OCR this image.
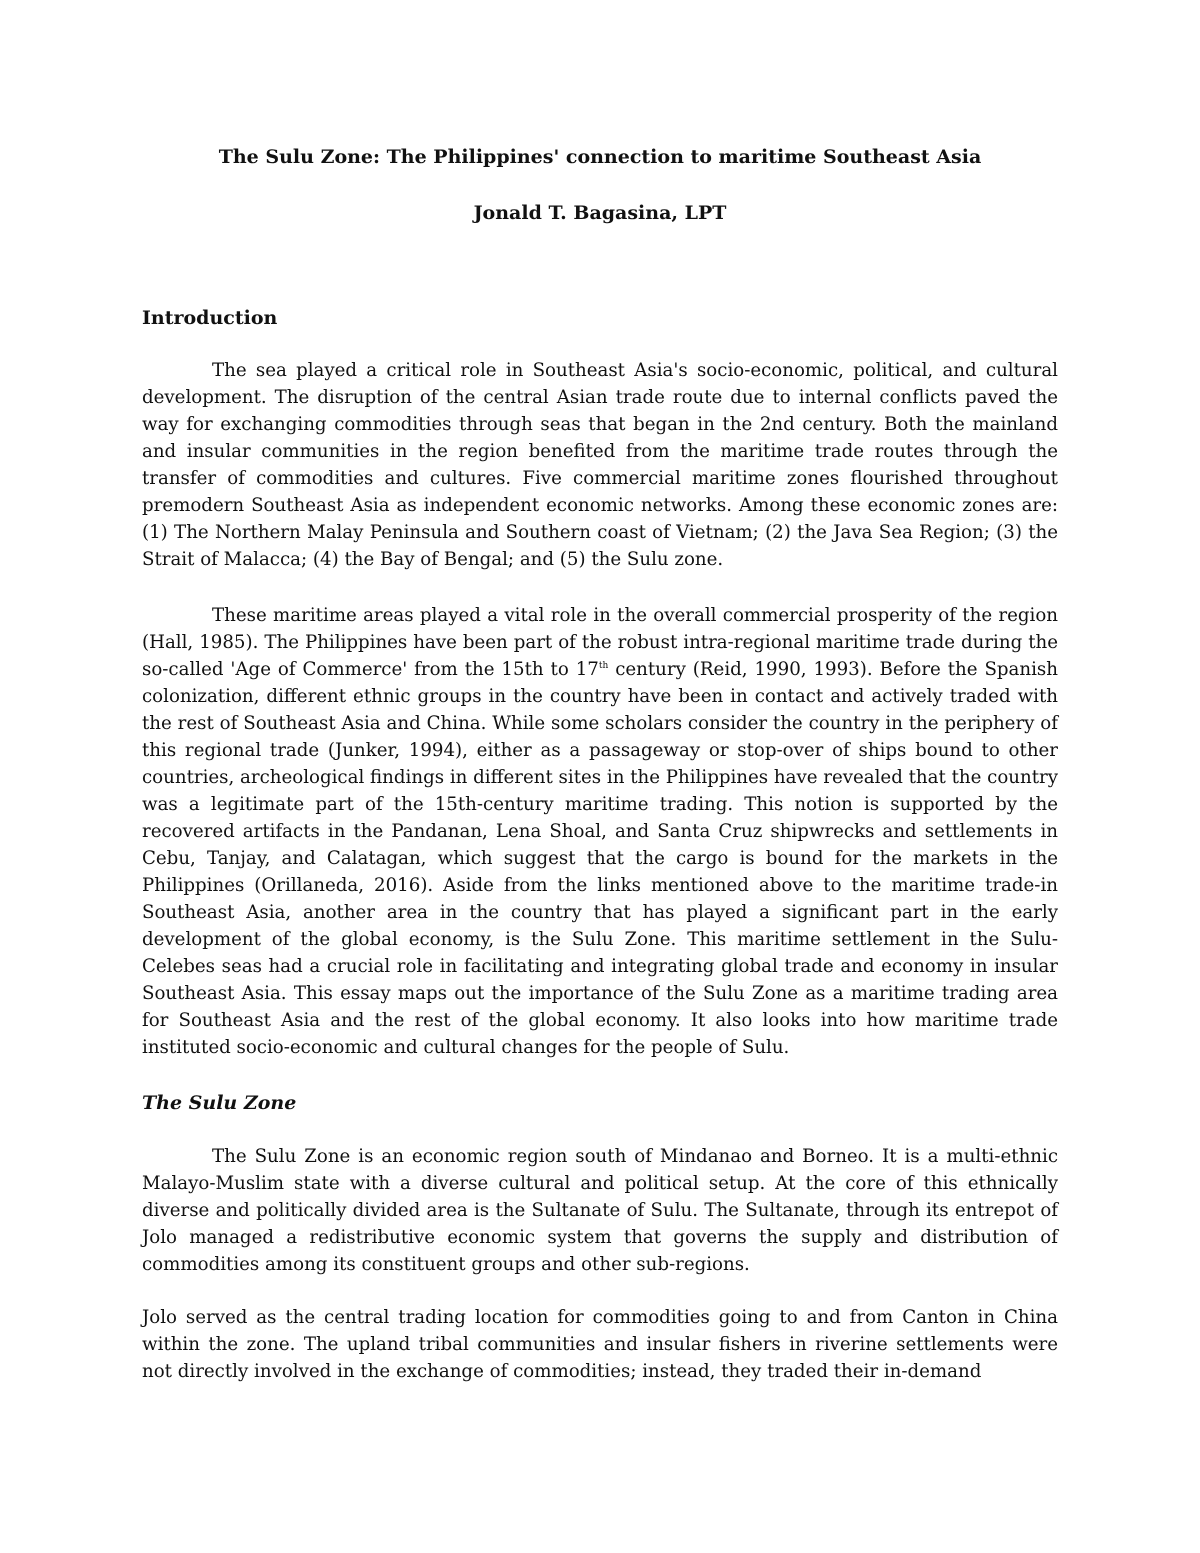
The Sulu Zone: The Philippines' connection to maritime Southeast Asia

Jonald T. Bagasina, LPT

Introduction

The sea played a critical role in Southeast Asia's socio-economic, political, and cultural development. The disruption of the central Asian trade route due to internal conflicts paved the way for exchanging commodities through seas that began in the 2nd century. Both the mainland and insular communities in the region benefited from the maritime trade routes through the transfer of commodities and cultures. Five commercial maritime zones flourished throughout premodern Southeast Asia as independent economic networks. Among these economic zones are: (1) The Northern Malay Peninsula and Southern coast of Vietnam; (2) the Java Sea Region; (3) the Strait of Malacca; (4) the Bay of Bengal; and (5) the Sulu zone.

These maritime areas played a vital role in the overall commercial prosperity of the region (Hall, 1985). The Philippines have been part of the robust intra-regional maritime trade during the so-called 'Age of Commerce' from the 15th to 17th century (Reid, 1990, 1993). Before the Spanish colonization, different ethnic groups in the country have been in contact and actively traded with the rest of Southeast Asia and China. While some scholars consider the country in the periphery of this regional trade (Junker, 1994), either as a passageway or stop-over of ships bound to other countries, archeological findings in different sites in the Philippines have revealed that the country was a legitimate part of the 15th-century maritime trading. This notion is supported by the recovered artifacts in the Pandanan, Lena Shoal, and Santa Cruz shipwrecks and settlements in Cebu, Tanjay, and Calatagan, which suggest that the cargo is bound for the markets in the Philippines (Orillaneda, 2016). Aside from the links mentioned above to the maritime trade-in Southeast Asia, another area in the country that has played a significant part in the early development of the global economy, is the Sulu Zone. This maritime settlement in the Sulu-Celebes seas had a crucial role in facilitating and integrating global trade and economy in insular Southeast Asia. This essay maps out the importance of the Sulu Zone as a maritime trading area for Southeast Asia and the rest of the global economy. It also looks into how maritime trade instituted socio-economic and cultural changes for the people of Sulu.

The Sulu Zone

The Sulu Zone is an economic region south of Mindanao and Borneo. It is a multi-ethnic Malayo-Muslim state with a diverse cultural and political setup. At the core of this ethnically diverse and politically divided area is the Sultanate of Sulu. The Sultanate, through its entrepot of Jolo managed a redistributive economic system that governs the supply and distribution of commodities among its constituent groups and other sub-regions.

Jolo served as the central trading location for commodities going to and from Canton in China within the zone. The upland tribal communities and insular fishers in riverine settlements were not directly involved in the exchange of commodities; instead, they traded their in-demand
